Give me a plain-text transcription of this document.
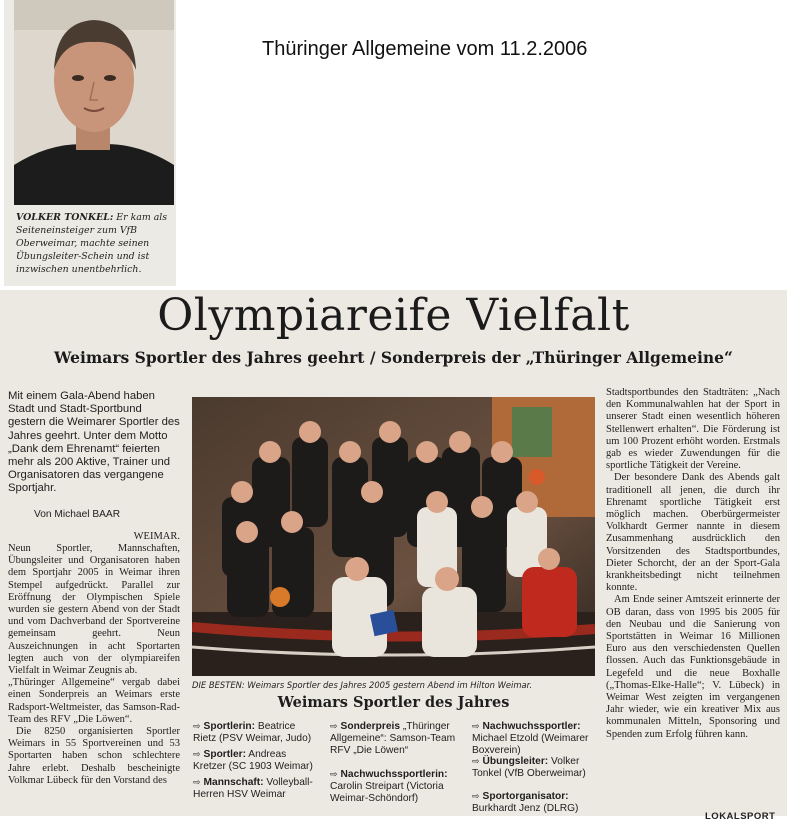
Thüringer Allgemeine vom 11.2.2006
VOLKER TONKEL: Er kam als Seiteneinsteiger zum VfB Oberweimar, machte seinen Übungsleiter-Schein und ist inzwischen unentbehrlich.
Olympiareife Vielfalt
Weimars Sportler des Jahres geehrt / Sonderpreis der „Thüringer Allgemeine“

Mit einem Gala-Abend haben Stadt und Stadt-Sportbund gestern die Weimarer Sportler des Jahres geehrt. Unter dem Motto „Dank dem Ehrenamt“ feierten mehr als 200 Aktive, Trainer und Organisatoren das vergangene Sportjahr.

Von Michael BAAR

WEIMAR.

Neun Sportler, Mannschaften, Übungsleiter und Organisatoren haben dem Sportjahr 2005 in Weimar ihren Stempel aufgedrückt. Parallel zur Eröffnung der Olympischen Spiele wurden sie gestern Abend von der Stadt und vom Dachverband der Sportvereine gemeinsam geehrt. Neun Auszeichnungen in acht Sportarten legten auch von der olympiareifen Vielfalt in Weimar Zeugnis ab.

„Thüringer Allgemeine“ vergab dabei einen Sonderpreis an Weimars erste Radsport-Weltmeister, das Samson-Rad-Team des RFV „Die Löwen“.

Die 8250 organisierten Sportler Weimars in 55 Sportvereinen und 53 Sportarten haben schon schlechtere Jahre erlebt. Deshalb bescheinigte Volkmar Lübeck für den Vorstand des

DIE BESTEN: Weimars Sportler des Jahres 2005 gestern Abend im Hilton Weimar.
Weimars Sportler des Jahres
⇨ Sportlerin: Beatrice Rietz (PSV Weimar, Judo)
⇨ Sportler: Andreas Kretzer (SC 1903 Weimar)
⇨ Mannschaft: Volleyball-Herren HSV Weimar
⇨ Sonderpreis „Thüringer Allgemeine“: Samson-Team RFV „Die Löwen“
⇨ Nachwuchssportlerin: Carolin Streipart (Victoria Weimar-Schöndorf)
⇨ Nachwuchssportler: Michael Etzold (Weimarer Boxverein)
⇨ Übungsleiter: Volker Tonkel (VfB Oberweimar)
⇨ Sportorganisator: Burkhardt Jenz (DLRG)

Stadtsportbundes den Stadträten: „Nach den Kommunalwahlen hat der Sport in unserer Stadt einen wesentlich höheren Stellenwert erhalten“. Die Förderung ist um 100 Prozent erhöht worden. Erstmals gab es wieder Zuwendungen für die sportliche Tätigkeit der Vereine.

Der besondere Dank des Abends galt traditionell all jenen, die durch ihr Ehrenamt sportliche Tätigkeit erst möglich machen. Oberbürgermeister Volkhardt Germer nannte in diesem Zusammenhang ausdrücklich den Vorsitzenden des Stadtsportbundes, Dieter Schorcht, der an der Sport-Gala krankheitsbedingt nicht teilnehmen konnte.

Am Ende seiner Amtszeit erinnerte der OB daran, dass von 1995 bis 2005 für den Neubau und die Sanierung von Sportstätten in Weimar 16 Millionen Euro aus den verschiedensten Quellen flossen. Auch das Funktionsgebäude in Legefeld und die neue Boxhalle („Thomas-Elke-Halle“; V. Lübeck) in Weimar West zeigten im vergangenen Jahr wieder, wie ein kreativer Mix aus kommunalen Mitteln, Sponsoring und Spenden zum Erfolg führen kann.

LOKALSPORT
